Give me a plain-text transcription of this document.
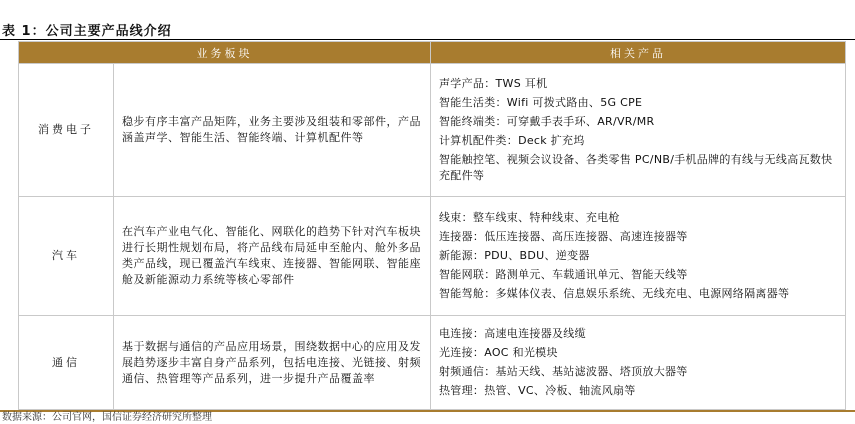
表 1：公司主要产品线介绍
业务板块		相关产品
消费电子	稳步有序丰富产品矩阵，业务主要涉及组装和零部件，产品涵盖声学、智能生活、智能终端、计算机配件等	声学产品：TWS 耳机
智能生活类：Wifi 可拨式路由、5G CPE
智能终端类：可穿戴手表手环、AR/VR/MR
计算机配件类：Deck 扩充坞
智能触控笔、视频会议设备、各类零售 PC/NB/手机品牌的有线与无线高瓦数快充配件等

汽车	在汽车产业电气化、智能化、网联化的趋势下针对汽车板块进行长期性规划布局，将产品线布局延申至舱内、舱外多品类产品线，现已覆盖汽车线束、连接器、智能网联、智能座舱及新能源动力系统等核心零部件	线束：整车线束、特种线束、充电枪
连接器：低压连接器、高压连接器、高速连接器等
新能源：PDU、BDU、逆变器
智能网联：路测单元、车载通讯单元、智能天线等
智能驾舱：多媒体仪表、信息娱乐系统、无线充电、电源网络隔离器等

通信	基于数据与通信的产品应用场景，围绕数据中心的应用及发展趋势逐步丰富自身产品系列，包括电连接、光链接、射频通信、热管理等产品系列，进一步提升产品覆盖率	电连接：高速电连接器及线缆
光连接：AOC 和光模块
射频通信：基站天线、基站滤波器、塔顶放大器等
热管理：热管、VC、冷板、轴流风扇等
数据来源：公司官网，国信证券经济研究所整理
